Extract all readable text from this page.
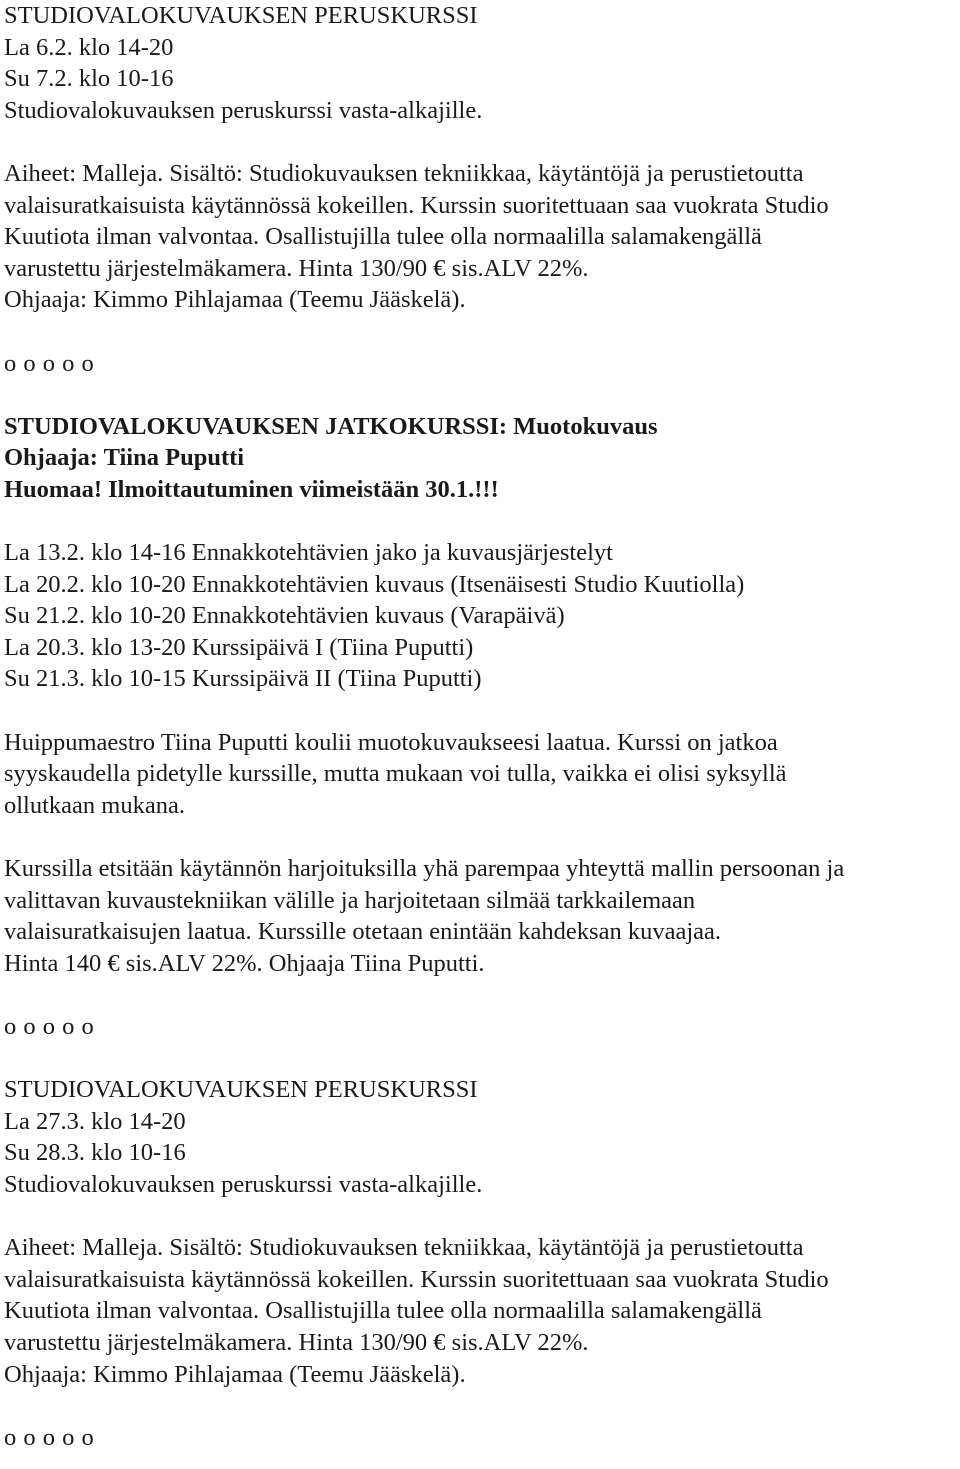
STUDIOVALOKUVAUKSEN PERUSKURSSI
La 6.2. klo 14-20
Su 7.2. klo 10-16
Studiovalokuvauksen peruskurssi vasta-alkajille.
Aiheet: Malleja. Sisältö: Studiokuvauksen tekniikkaa, käytäntöjä ja perustietoutta
valaisuratkaisuista käytännössä kokeillen. Kurssin suoritettuaan saa vuokrata Studio
Kuutiota ilman valvontaa. Osallistujilla tulee olla normaalilla salamakengällä
varustettu järjestelmäkamera. Hinta 130/90 € sis.ALV 22%.
Ohjaaja: Kimmo Pihlajamaa (Teemu Jääskelä).
o o o o o
STUDIOVALOKUVAUKSEN JATKOKURSSI: Muotokuvaus
Ohjaaja: Tiina Puputti
Huomaa! Ilmoittautuminen viimeistään 30.1.!!!
La 13.2. klo 14-16 Ennakkotehtävien jako ja kuvausjärjestelyt
La 20.2. klo 10-20 Ennakkotehtävien kuvaus (Itsenäisesti Studio Kuutiolla)
Su 21.2. klo 10-20 Ennakkotehtävien kuvaus (Varapäivä)
La 20.3. klo 13-20 Kurssipäivä I (Tiina Puputti)
Su 21.3. klo 10-15 Kurssipäivä II (Tiina Puputti)
Huippumaestro Tiina Puputti koulii muotokuvaukseesi laatua. Kurssi on jatkoa
syyskaudella pidetylle kurssille, mutta mukaan voi tulla, vaikka ei olisi syksyllä
ollutkaan mukana.
Kurssilla etsitään käytännön harjoituksilla yhä parempaa yhteyttä mallin persoonan ja
valittavan kuvaustekniikan välille ja harjoitetaan silmää tarkkailemaan
valaisuratkaisujen laatua. Kurssille otetaan enintään kahdeksan kuvaajaa.
Hinta 140 € sis.ALV 22%. Ohjaaja Tiina Puputti.
o o o o o
STUDIOVALOKUVAUKSEN PERUSKURSSI
La 27.3. klo 14-20
Su 28.3. klo 10-16
Studiovalokuvauksen peruskurssi vasta-alkajille.
Aiheet: Malleja. Sisältö: Studiokuvauksen tekniikkaa, käytäntöjä ja perustietoutta
valaisuratkaisuista käytännössä kokeillen. Kurssin suoritettuaan saa vuokrata Studio
Kuutiota ilman valvontaa. Osallistujilla tulee olla normaalilla salamakengällä
varustettu järjestelmäkamera. Hinta 130/90 € sis.ALV 22%.
Ohjaaja: Kimmo Pihlajamaa (Teemu Jääskelä).
o o o o o
